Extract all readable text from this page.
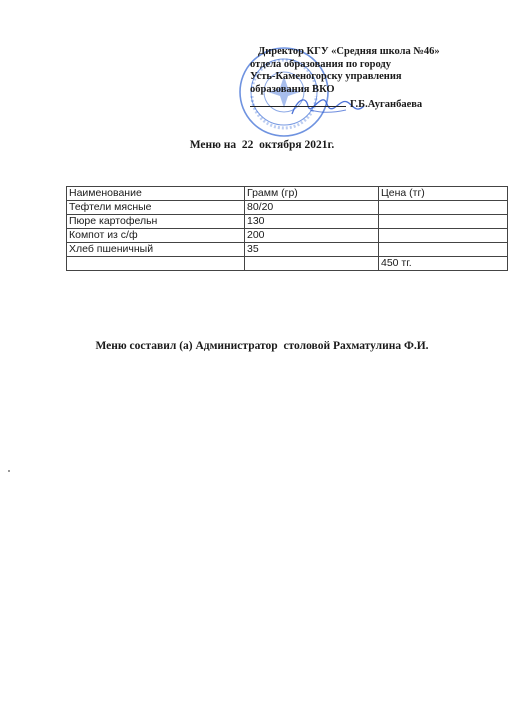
Директор КГУ «Средняя школа №46»
отдела образования по городу
Усть-Каменогорску управления
образования ВКО
Г.Б.Ауганбаева
Меню на  22  октября 2021г.
Наименование	Грамм (гр)	Цена (тг)
Тефтели мясные	80/20	
Пюре картофельн	130	
Компот из с/ф	200	
Хлеб пшеничный	35	
		450 тг.
Меню составил (а) Администратор  столовой Рахматулина Ф.И.
